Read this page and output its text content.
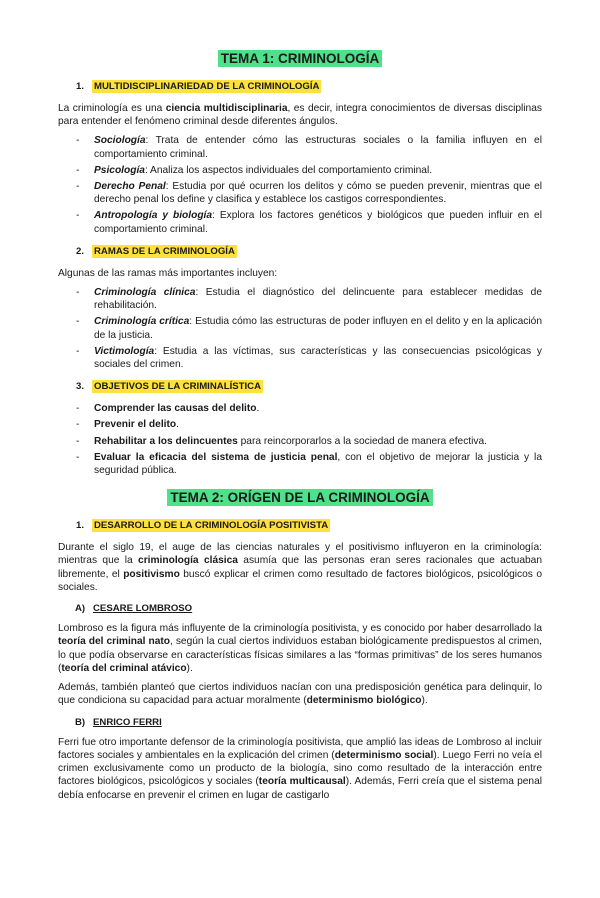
TEMA 1: CRIMINOLOGÍA
1. MULTIDISCIPLINARIEDAD DE LA CRIMINOLOGÍA

La criminología es una ciencia multidisciplinaria, es decir, integra conocimientos de diversas disciplinas para entender el fenómeno criminal desde diferentes ángulos.

- Sociología: Trata de entender cómo las estructuras sociales o la familia influyen en el comportamiento criminal.
- Psicología: Analiza los aspectos individuales del comportamiento criminal.
- Derecho Penal: Estudia por qué ocurren los delitos y cómo se pueden prevenir, mientras que el derecho penal los define y clasifica y establece los castigos correspondientes.
- Antropología y biología: Explora los factores genéticos y biológicos que pueden influir en el comportamiento criminal.
2. RAMAS DE LA CRIMINOLOGÍA

Algunas de las ramas más importantes incluyen:

- Criminología clínica: Estudia el diagnóstico del delincuente para establecer medidas de rehabilitación.
- Criminología crítica: Estudia cómo las estructuras de poder influyen en el delito y en la aplicación de la justicia.
- Victimología: Estudia a las víctimas, sus características y las consecuencias psicológicas y sociales del crimen.
3. OBJETIVOS DE LA CRIMINALÍSTICA
- Comprender las causas del delito.
- Prevenir el delito.
- Rehabilitar a los delincuentes para reincorporarlos a la sociedad de manera efectiva.
- Evaluar la eficacia del sistema de justicia penal, con el objetivo de mejorar la justicia y la seguridad pública.
TEMA 2: ORÍGEN DE LA CRIMINOLOGÍA
1. DESARROLLO DE LA CRIMINOLOGÍA POSITIVISTA

Durante el siglo 19, el auge de las ciencias naturales y el positivismo influyeron en la criminología: mientras que la criminología clásica asumía que las personas eran seres racionales que actuaban libremente, el positivismo buscó explicar el crimen como resultado de factores biológicos, psicológicos o sociales.

A) CESARE LOMBROSO

Lombroso es la figura más influyente de la criminología positivista, y es conocido por haber desarrollado la teoría del criminal nato, según la cual ciertos individuos estaban biológicamente predispuestos al crimen, lo que podía observarse en características físicas similares a las “formas primitivas” de los seres humanos (teoría del criminal atávico).

Además, también planteó que ciertos individuos nacían con una predisposición genética para delinquir, lo que condiciona su capacidad para actuar moralmente (determinismo biológico).

B) ENRICO FERRI

Ferri fue otro importante defensor de la criminología positivista, que amplió las ideas de Lombroso al incluir factores sociales y ambientales en la explicación del crimen (determinismo social). Luego Ferri no veía el crimen exclusivamente como un producto de la biología, sino como resultado de la interacción entre factores biológicos, psicológicos y sociales (teoría multicausal). Además, Ferri creía que el sistema penal debía enfocarse en prevenir el crimen en lugar de castigarlo
